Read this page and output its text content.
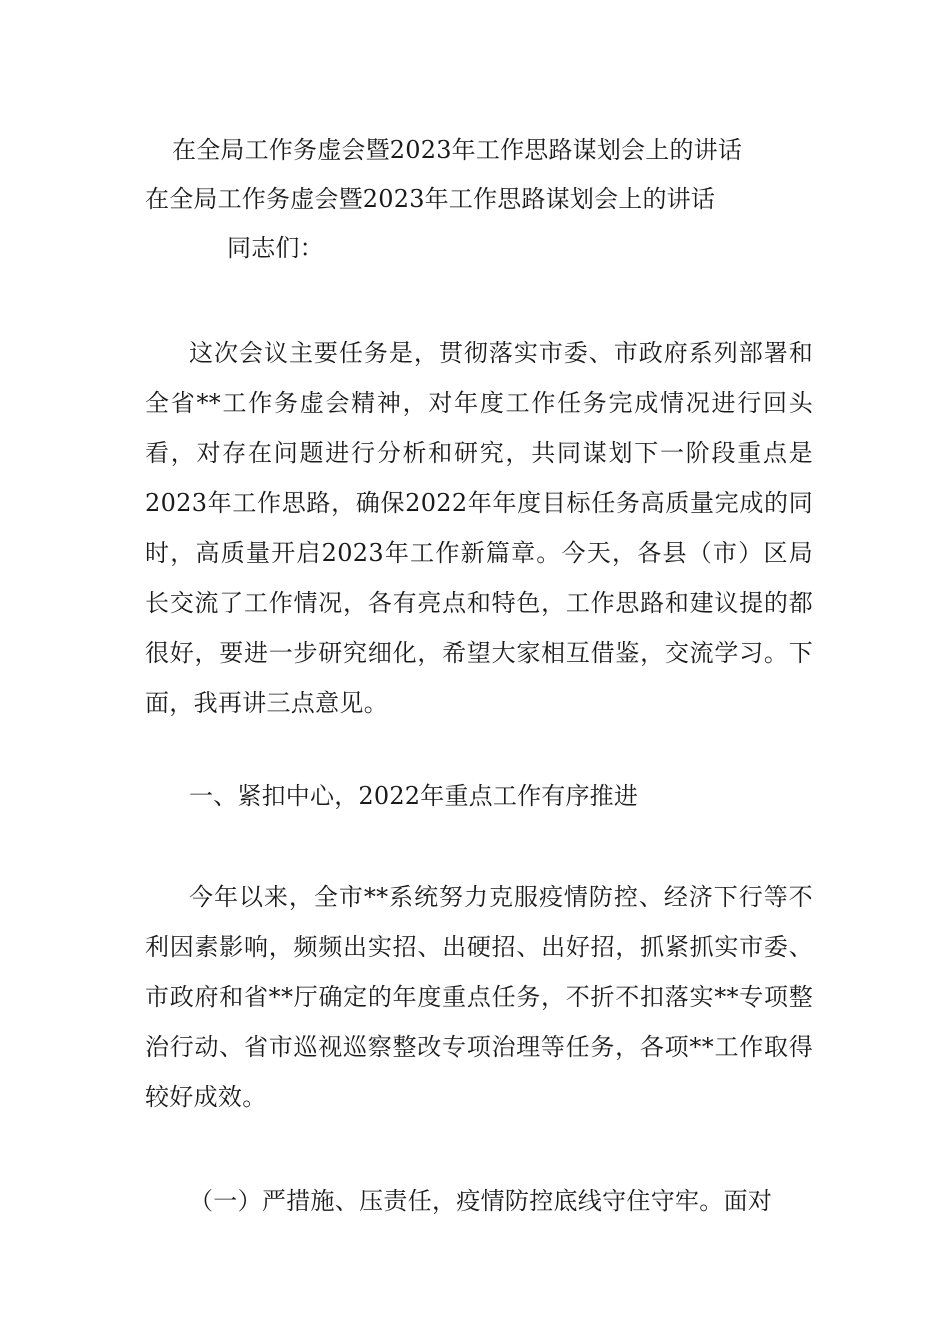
在全局工作务虚会暨2023年工作思路谋划会上的讲话
在全局工作务虚会暨2023年工作思路谋划会上的讲话
同志们：
这次会议主要任务是，贯彻落实市委、市政府系列部署和全省**工作务虚会精神，对年度工作任务完成情况进行回头看，对存在问题进行分析和研究，共同谋划下一阶段重点是2023年工作思路，确保2022年年度目标任务高质量完成的同时，高质量开启2023年工作新篇章。今天，各县（市）区局长交流了工作情况，各有亮点和特色，工作思路和建议提的都很好，要进一步研究细化，希望大家相互借鉴，交流学习。下面，我再讲三点意见。
一、紧扣中心，2022年重点工作有序推进
今年以来，全市**系统努力克服疫情防控、经济下行等不利因素影响，频频出实招、出硬招、出好招，抓紧抓实市委、市政府和省**厅确定的年度重点任务，不折不扣落实**专项整治行动、省市巡视巡察整改专项治理等任务，各项**工作取得较好成效。
（一）严措施、压责任，疫情防控底线守住守牢。面对
